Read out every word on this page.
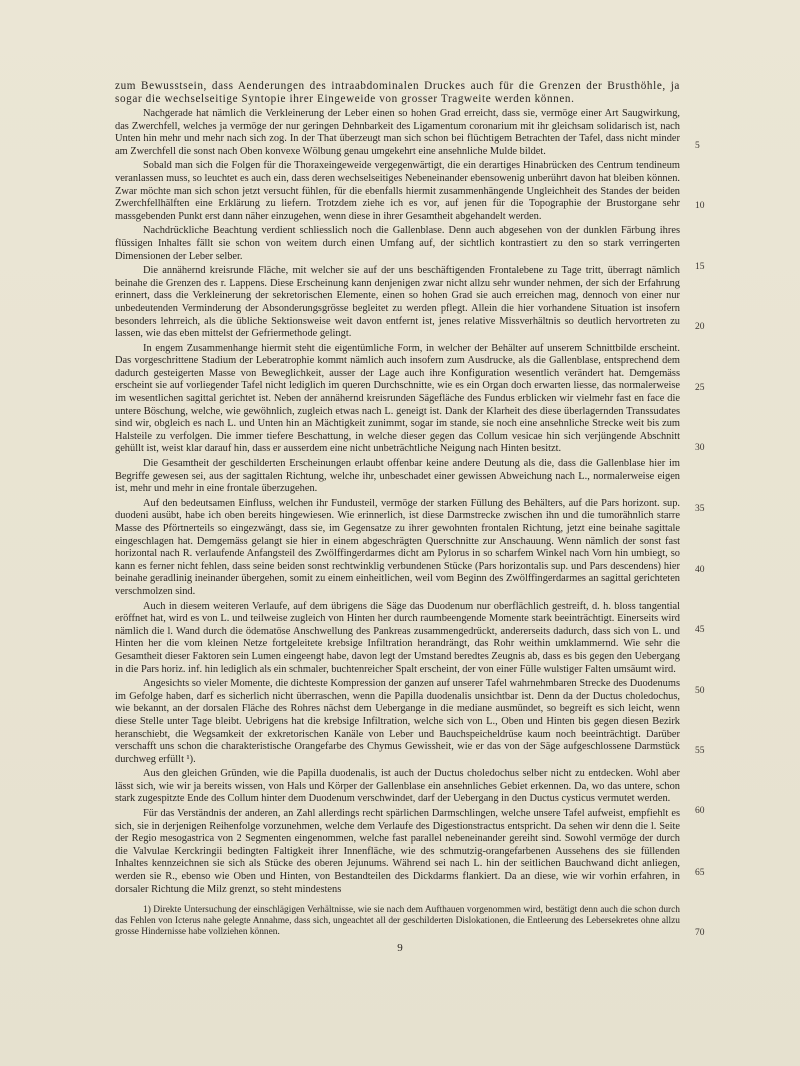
zum Bewusstsein, dass Aenderungen des intraabdominalen Druckes auch für die Grenzen der Brusthöhle, ja sogar die wechselseitige Syntopie ihrer Eingeweide von grosser Tragweite werden können.

Nachgerade hat nämlich die Verkleinerung der Leber einen so hohen Grad erreicht, dass sie, vermöge einer Art Saugwirkung, das Zwerchfell, welches ja vermöge der nur geringen Dehnbarkeit des Ligamentum coronarium mit ihr gleichsam solidarisch ist, nach Unten hin mehr und mehr nach sich zog. In der That überzeugt man sich schon bei flüchtigem Betrachten der Tafel, dass nicht minder am Zwerchfell die sonst nach Oben konvexe Wölbung genau umgekehrt eine ansehnliche Mulde bildet.

Sobald man sich die Folgen für die Thoraxeingeweide vergegenwärtigt, die ein derartiges Hinabrücken des Centrum tendineum veranlassen muss, so leuchtet es auch ein, dass deren wechselseitiges Nebeneinander ebensowenig unberührt davon hat bleiben können. Zwar möchte man sich schon jetzt versucht fühlen, für die ebenfalls hiermit zusammenhängende Ungleichheit des Standes der beiden Zwerchfellhälften eine Erklärung zu liefern. Trotzdem ziehe ich es vor, auf jenen für die Topographie der Brustorgane sehr massgebenden Punkt erst dann näher einzugehen, wenn diese in ihrer Gesamtheit abgehandelt werden.

Nachdrückliche Beachtung verdient schliesslich noch die Gallenblase. Denn auch abgesehen von der dunklen Färbung ihres flüssigen Inhaltes fällt sie schon von weitem durch einen Umfang auf, der sichtlich kontrastiert zu den so stark verringerten Dimensionen der Leber selber.

Die annähernd kreisrunde Fläche, mit welcher sie auf der uns beschäftigenden Frontalebene zu Tage tritt, überragt nämlich beinahe die Grenzen des r. Lappens. Diese Erscheinung kann denjenigen zwar nicht allzu sehr wunder nehmen, der sich der Erfahrung erinnert, dass die Verkleinerung der sekretorischen Elemente, einen so hohen Grad sie auch erreichen mag, dennoch von einer nur unbedeutenden Verminderung der Absonderungsgrösse begleitet zu werden pflegt. Allein die hier vorhandene Situation ist insofern besonders lehrreich, als die übliche Sektionsweise weit davon entfernt ist, jenes relative Missverhältnis so deutlich hervortreten zu lassen, wie das eben mittelst der Gefriermethode gelingt.

In engem Zusammenhange hiermit steht die eigentümliche Form, in welcher der Behälter auf unserem Schnittbilde erscheint. Das vorgeschrittene Stadium der Leberatrophie kommt nämlich auch insofern zum Ausdrucke, als die Gallenblase, entsprechend dem dadurch gesteigerten Masse von Beweglichkeit, ausser der Lage auch ihre Konfiguration wesentlich verändert hat. Demgemäss erscheint sie auf vorliegender Tafel nicht lediglich im queren Durchschnitte, wie es ein Organ doch erwarten liesse, das normalerweise im wesentlichen sagittal gerichtet ist. Neben der annähernd kreisrunden Sägefläche des Fundus erblicken wir vielmehr fast en face die untere Böschung, welche, wie gewöhnlich, zugleich etwas nach L. geneigt ist. Dank der Klarheit des diese überlagernden Transsudates sind wir, obgleich es nach L. und Unten hin an Mächtigkeit zunimmt, sogar im stande, sie noch eine ansehnliche Strecke weit bis zum Halsteile zu verfolgen. Die immer tiefere Beschattung, in welche dieser gegen das Collum vesicae hin sich verjüngende Abschnitt gehüllt ist, weist klar darauf hin, dass er ausserdem eine nicht unbeträchtliche Neigung nach Hinten besitzt.

Die Gesamtheit der geschilderten Erscheinungen erlaubt offenbar keine andere Deutung als die, dass die Gallenblase hier im Begriffe gewesen sei, aus der sagittalen Richtung, welche ihr, unbeschadet einer gewissen Abweichung nach L., normalerweise eigen ist, mehr und mehr in eine frontale überzugehen.

Auf den bedeutsamen Einfluss, welchen ihr Fundusteil, vermöge der starken Füllung des Behälters, auf die Pars horizont. sup. duodeni ausübt, habe ich oben bereits hingewiesen. Wie erinnerlich, ist diese Darmstrecke zwischen ihn und die tumorähnlich starre Masse des Pförtnerteils so eingezwängt, dass sie, im Gegensatze zu ihrer gewohnten frontalen Richtung, jetzt eine beinahe sagittale eingeschlagen hat. Demgemäss gelangt sie hier in einem abgeschrägten Querschnitte zur Anschauung. Wenn nämlich der sonst fast horizontal nach R. verlaufende Anfangsteil des Zwölffingerdarmes dicht am Pylorus in so scharfem Winkel nach Vorn hin umbiegt, so kann es ferner nicht fehlen, dass seine beiden sonst rechtwinklig verbundenen Stücke (Pars horizontalis sup. und Pars descendens) hier beinahe geradlinig ineinander übergehen, somit zu einem einheitlichen, weil vom Beginn des Zwölffingerdarmes an sagittal gerichteten verschmolzen sind.

Auch in diesem weiteren Verlaufe, auf dem übrigens die Säge das Duodenum nur oberflächlich gestreift, d. h. bloss tangential eröffnet hat, wird es von L. und teilweise zugleich von Hinten her durch raumbeengende Momente stark beeinträchtigt. Einerseits wird nämlich die l. Wand durch die ödematöse Anschwellung des Pankreas zusammengedrückt, andererseits dadurch, dass sich von L. und Hinten her die vom kleinen Netze fortgeleitete krebsige Infiltration herandrängt, das Rohr weithin umklammernd. Wie sehr die Gesamtheit dieser Faktoren sein Lumen eingeengt habe, davon legt der Umstand beredtes Zeugnis ab, dass es bis gegen den Uebergang in die Pars horiz. inf. hin lediglich als ein schmaler, buchtenreicher Spalt erscheint, der von einer Fülle wulstiger Falten umsäumt wird.

Angesichts so vieler Momente, die dichteste Kompression der ganzen auf unserer Tafel wahrnehmbaren Strecke des Duodenums im Gefolge haben, darf es sicherlich nicht überraschen, wenn die Papilla duodenalis unsichtbar ist. Denn da der Ductus choledochus, wie bekannt, an der dorsalen Fläche des Rohres nächst dem Uebergange in die mediane ausmündet, so begreift es sich leicht, wenn diese Stelle unter Tage bleibt. Uebrigens hat die krebsige Infiltration, welche sich von L., Oben und Hinten bis gegen diesen Bezirk heranschiebt, die Wegsamkeit der exkretorischen Kanäle von Leber und Bauchspeicheldrüse kaum noch beeinträchtigt. Darüber verschafft uns schon die charakteristische Orangefarbe des Chymus Gewissheit, wie er das von der Säge aufgeschlossene Darmstück durchweg erfüllt ¹).

Aus den gleichen Gründen, wie die Papilla duodenalis, ist auch der Ductus choledochus selber nicht zu entdecken. Wohl aber lässt sich, wie wir ja bereits wissen, von Hals und Körper der Gallenblase ein ansehnliches Gebiet erkennen. Da, wo das untere, schon stark zugespitzte Ende des Collum hinter dem Duodenum verschwindet, darf der Uebergang in den Ductus cysticus vermutet werden.

Für das Verständnis der anderen, an Zahl allerdings recht spärlichen Darmschlingen, welche unsere Tafel aufweist, empfiehlt es sich, sie in derjenigen Reihenfolge vorzunehmen, welche dem Verlaufe des Digestionstractus entspricht. Da sehen wir denn die l. Seite der Regio mesogastrica von 2 Segmenten eingenommen, welche fast parallel nebeneinander gereiht sind. Sowohl vermöge der durch die Valvulae Kerckringii bedingten Faltigkeit ihrer Innenfläche, wie des schmutzig-orangefarbenen Aussehens des sie füllenden Inhaltes kennzeichnen sie sich als Stücke des oberen Jejunums. Während sei nach L. hin der seitlichen Bauchwand dicht anliegen, werden sie R., ebenso wie Oben und Hinten, von Bestandteilen des Dickdarms flankiert. Da an diese, wie wir vorhin erfahren, in dorsaler Richtung die Milz grenzt, so steht mindestens

5
10
15
20
25
30
35
40
45
50
55
60
65
70

1) Direkte Untersuchung der einschlägigen Verhältnisse, wie sie nach dem Aufthauen vorgenommen wird, bestätigt denn auch die schon durch das Fehlen von Icterus nahe gelegte Annahme, dass sich, ungeachtet all der geschilderten Dislokationen, die Entleerung des Lebersekretes ohne allzu grosse Hindernisse habe vollziehen können.

9
